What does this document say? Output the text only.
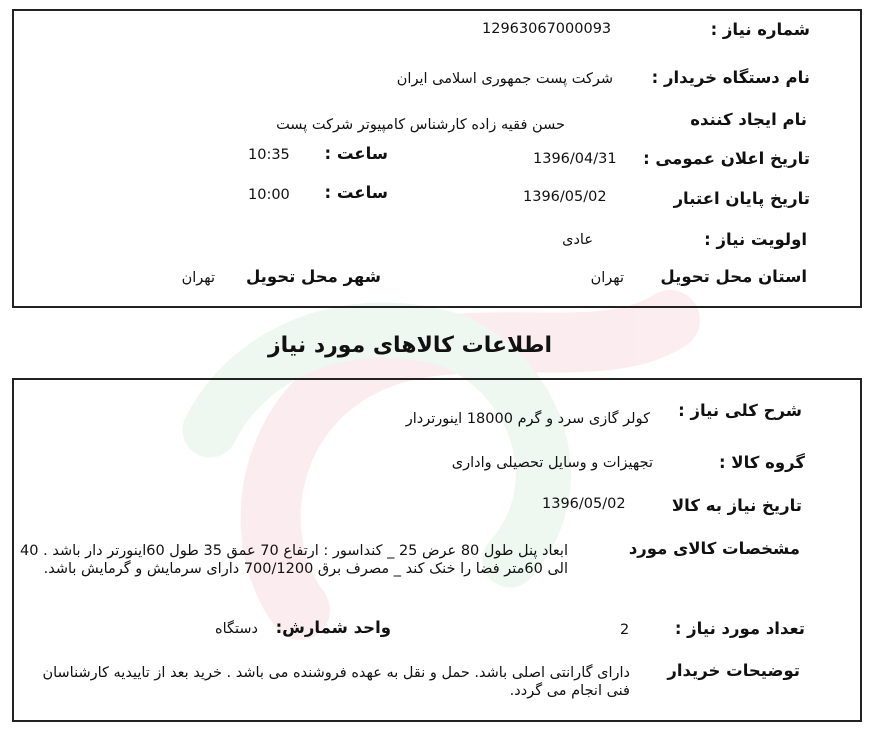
شماره نیاز :
12963067000093
نام دستگاه خریدار :
شرکت پست جمهوری اسلامی ایران
نام ایجاد کننده
حسن فقیه زاده کارشناس کامپیوتر شرکت پست
تاریخ اعلان عمومی :
1396/04/31
ساعت :
10:35
تاریخ پایان اعتبار
1396/05/02
ساعت :
10:00
اولویت نیاز :
عادی
استان محل تحویل
تهران
شهر محل تحویل
تهران
اطلاعات کالاهای مورد نیاز
شرح کلی نیاز :
کولر گازی سرد و گرم 18000 اینورتردار
گروه کالا :
تجهیزات و وسایل تحصیلی واداری
تاریخ نیاز به کالا
1396/05/02
مشخصات کالای مورد
ابعاد پنل طول 80 عرض 25 _ کنداسور : ارتفاع 70 عمق 35 طول 60اینورتر دار باشد . 40 الی 60متر فضا را خنک کند _ مصرف برق 700/1200 دارای سرمایش و گرمایش باشد.
تعداد مورد نیاز :
2
واحد شمارش:
دستگاه
توضیحات خریدار
دارای گارانتی اصلی باشد. حمل و نقل به عهده فروشنده می باشد . خرید بعد از تاییدیه کارشناسان فنی انجام می گردد.
